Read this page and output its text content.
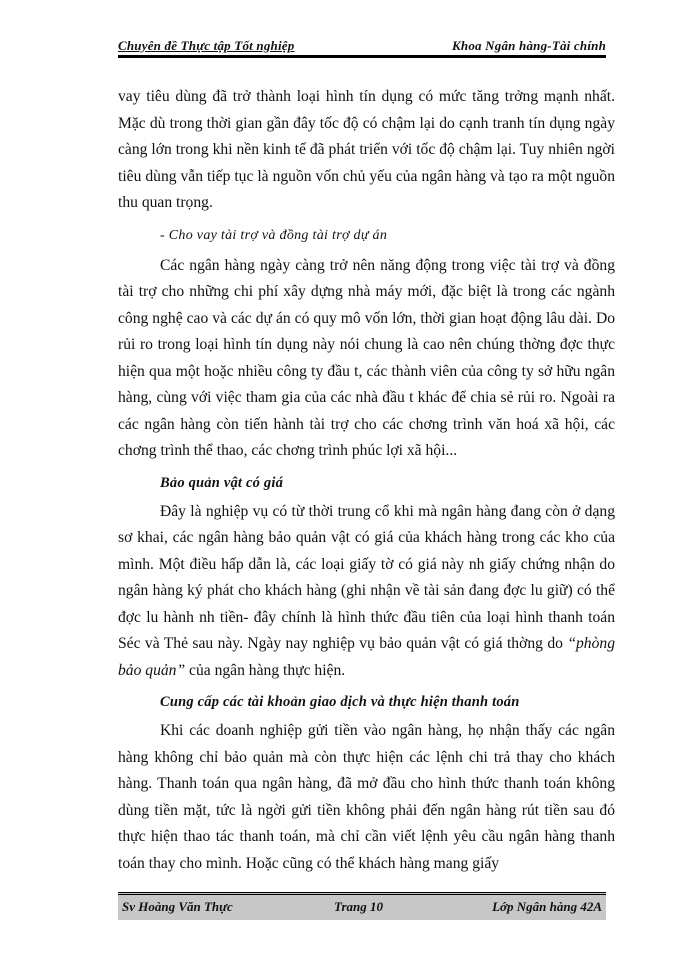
Chuyên đề Thực tập Tốt nghiệp	Khoa Ngân hàng-Tài chính

vay tiêu dùng đã trở thành loại hình tín dụng có mức tăng trởng mạnh nhất. Mặc dù trong thời gian gần đây tốc độ có chậm lại do cạnh tranh tín dụng ngày càng lớn trong khi nền kinh tế đã phát triển với tốc độ chậm lại. Tuy nhiên ngời tiêu dùng vẫn tiếp tục là nguồn vốn chủ yếu của ngân hàng và tạo ra một nguồn thu quan trọng.

- Cho vay tài trợ và đồng tài trợ dự án

Các ngân hàng ngày càng trở nên năng động trong việc tài trợ và đồng tài trợ cho những chi phí xây dựng nhà máy mới, đặc biệt là trong các ngành công nghệ cao và các dự án có quy mô vốn lớn, thời gian hoạt động lâu dài. Do rủi ro trong loại hình tín dụng này nói chung là cao nên chúng thờng đợc thực hiện qua một hoặc nhiều công ty đầu t, các thành viên của công ty sở hữu ngân hàng, cùng với việc tham gia của các nhà đầu t khác để chia sẻ rủi ro. Ngoài ra các ngân hàng còn tiến hành tài trợ cho các chơng trình văn hoá xã hội, các chơng trình thể thao, các chơng trình phúc lợi xã hội...

Bảo quản vật có giá

Đây là nghiệp vụ có từ thời trung cổ khi mà ngân hàng đang còn ở dạng sơ khai, các ngân hàng bảo quản vật có giá của khách hàng trong các kho của mình. Một điều hấp dẫn là, các loại giấy tờ có giá này nh giấy chứng nhận do ngân hàng ký phát cho khách hàng (ghi nhận về tài sản đang đợc lu giữ) có thể đợc lu hành nh tiền- đây chính là hình thức đầu tiên của loại hình thanh toán Séc và Thẻ sau này. Ngày nay nghiệp vụ bảo quản vật có giá thờng do “phòng bảo quản” của ngân hàng thực hiện.

Cung cấp các tài khoản giao dịch và thực hiện thanh toán

Khi các doanh nghiệp gửi tiền vào ngân hàng, họ nhận thấy các ngân hàng không chỉ bảo quản mà còn thực hiện các lệnh chi trả thay cho khách hàng. Thanh toán qua ngân hàng, đã mở đầu cho hình thức thanh toán không dùng tiền mặt, tức là ngời gửi tiền không phải đến ngân hàng rút tiền sau đó thực hiện thao tác thanh toán, mà chỉ cần viết lệnh yêu cầu ngân hàng thanh toán thay cho mình. Hoặc cũng có thể khách hàng mang giấy

Sv Hoàng Văn Thực	Trang 10	Lớp Ngân hàng 42A
